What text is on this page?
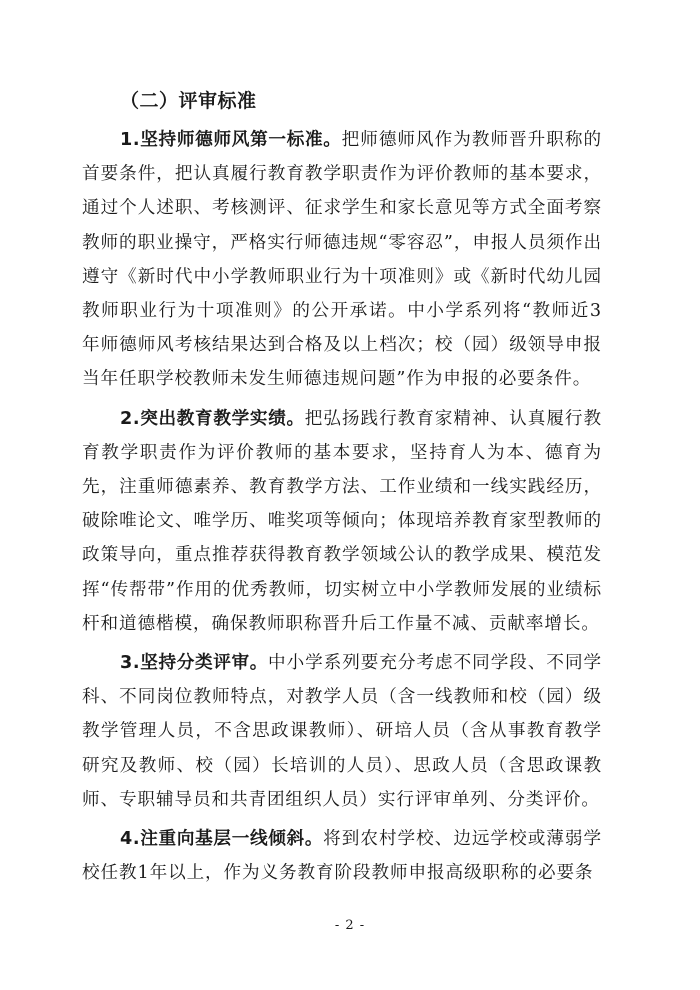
（二）评审标准

1.坚持师德师风第一标准。把师德师风作为教师晋升职称的首要条件，把认真履行教育教学职责作为评价教师的基本要求，通过个人述职、考核测评、征求学生和家长意见等方式全面考察教师的职业操守，严格实行师德违规“零容忍”，申报人员须作出遵守《新时代中小学教师职业行为十项准则》或《新时代幼儿园教师职业行为十项准则》的公开承诺。中小学系列将“教师近3年师德师风考核结果达到合格及以上档次；校（园）级领导申报当年任职学校教师未发生师德违规问题”作为申报的必要条件。

2.突出教育教学实绩。把弘扬践行教育家精神、认真履行教育教学职责作为评价教师的基本要求，坚持育人为本、德育为先，注重师德素养、教育教学方法、工作业绩和一线实践经历，破除唯论文、唯学历、唯奖项等倾向；体现培养教育家型教师的政策导向，重点推荐获得教育教学领域公认的教学成果、模范发挥“传帮带”作用的优秀教师，切实树立中小学教师发展的业绩标杆和道德楷模，确保教师职称晋升后工作量不减、贡献率增长。

3.坚持分类评审。中小学系列要充分考虑不同学段、不同学科、不同岗位教师特点，对教学人员（含一线教师和校（园）级教学管理人员，不含思政课教师）、研培人员（含从事教育教学研究及教师、校（园）长培训的人员）、思政人员（含思政课教师、专职辅导员和共青团组织人员）实行评审单列、分类评价。

4.注重向基层一线倾斜。将到农村学校、边远学校或薄弱学校任教1年以上，作为义务教育阶段教师申报高级职称的必要条

- 2 -
